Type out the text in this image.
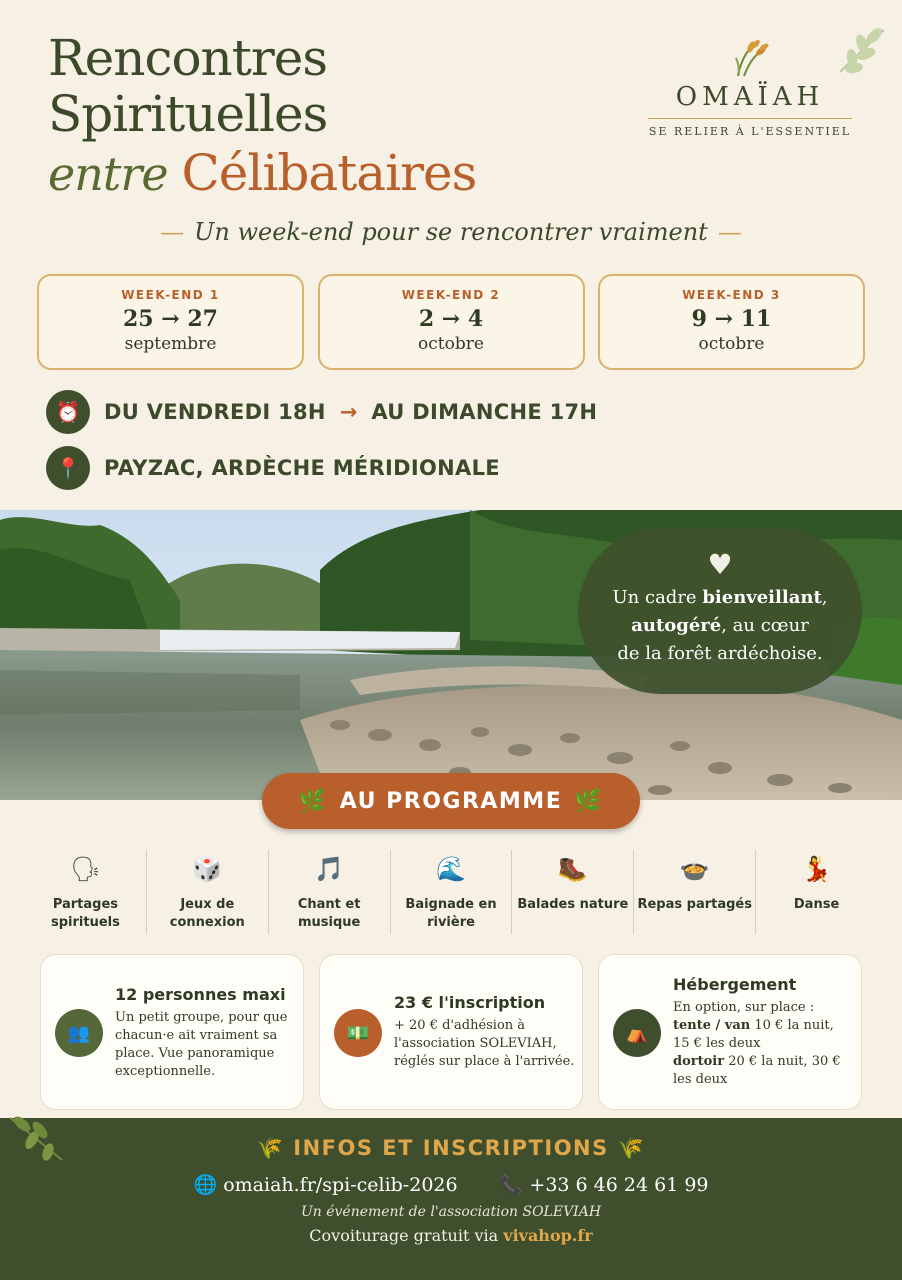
Rencontres
Spirituelles
entre Célibataires
OMAÏAH
SE RELIER À L'ESSENTIEL
— Un week-end pour se rencontrer vraiment —
WEEK-END 1
25 → 27
septembre
WEEK-END 2
2 → 4
octobre
WEEK-END 3
9 → 11
octobre
⏰	DU VENDREDI 18H → AU DIMANCHE 17H
📍	PAYZAC, ARDÈCHE MÉRIDIONALE
♥
Un cadre bienveillant,
autogéré, au cœur
de la forêt ardéchoise.
🌿 AU PROGRAMME 🌿
🗣
Partages
spirituels
🎲
Jeux de
connexion
🎵
Chant et
musique
🌊
Baignade en
rivière
🥾
Balades nature
🍲
Repas partagés
💃
Danse
👥
12 personnes maxi
Un petit groupe, pour que
chacun·e ait vraiment sa
place. Vue panoramique
exceptionnelle.
💵
23 € l'inscription
+ 20 € d'adhésion à
l'association SOLEVIAH,
réglés sur place à l'arrivée.
⛺
Hébergement
En option, sur place :
tente / van 10 € la nuit,
15 € les deux
dortoir 20 € la nuit, 30 €
les deux
🌾 INFOS ET INSCRIPTIONS 🌾
🌐 omaiah.fr/spi-celib-2026 📞 +33 6 46 24 61 99
Un événement de l'association SOLEVIAH
Covoiturage gratuit via vivahop.fr
